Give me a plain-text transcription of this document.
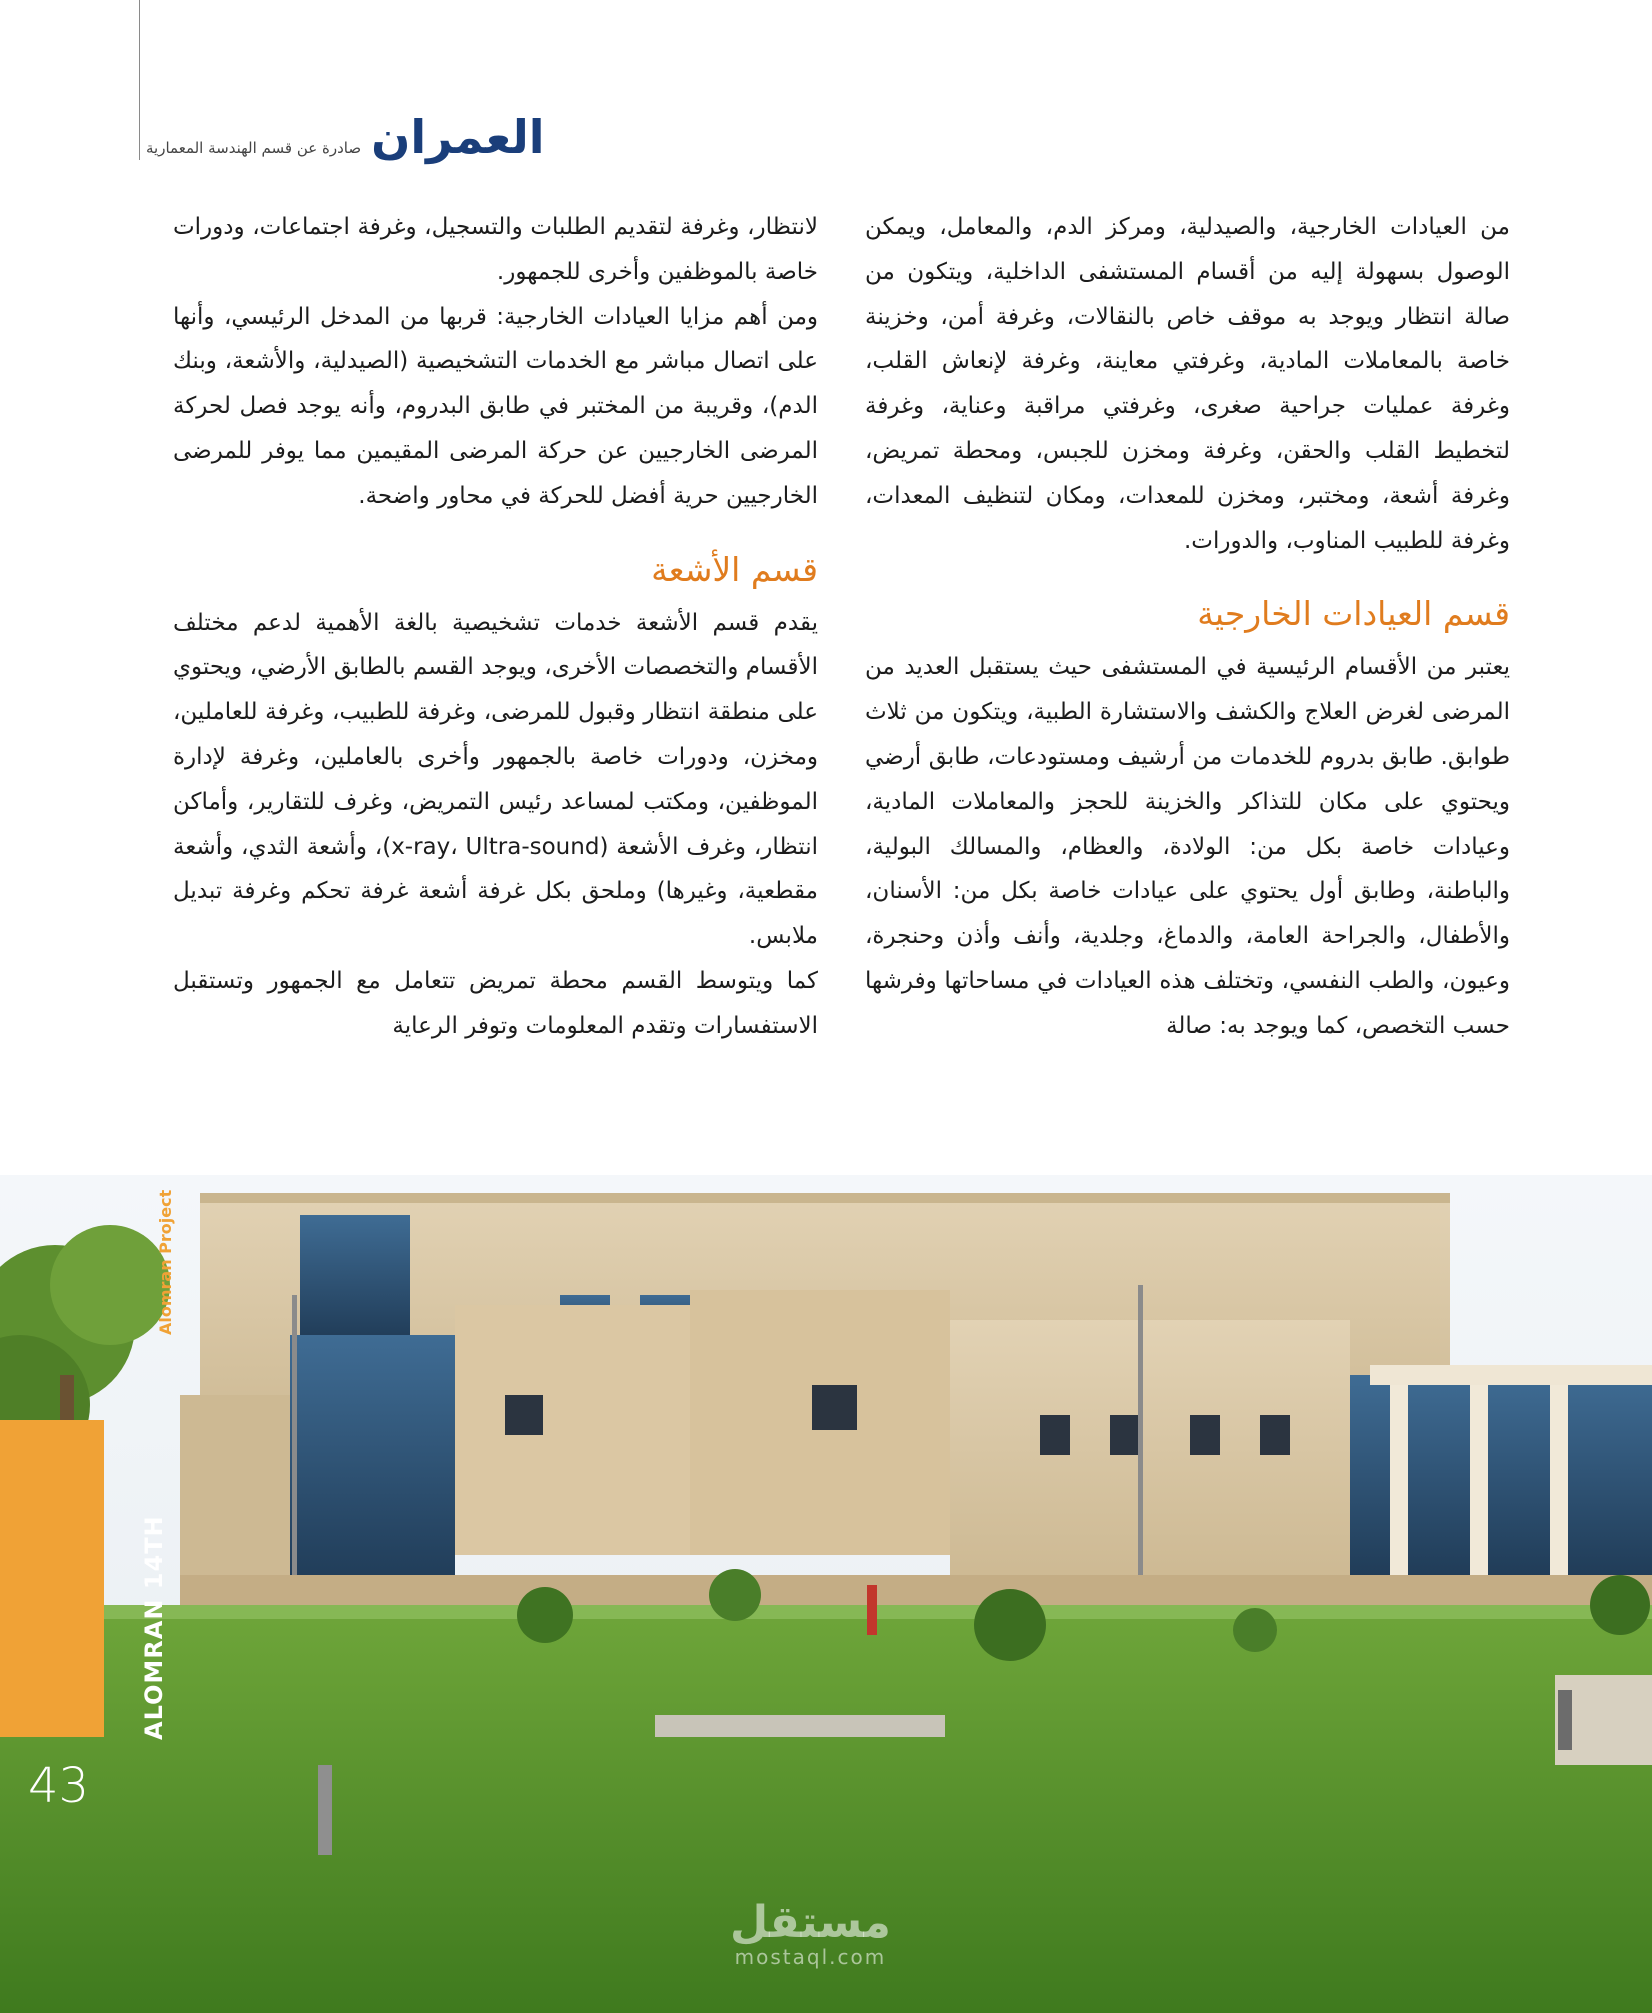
العمران
صادرة عن قسم الهندسة المعمارية

من العيادات الخارجية، والصيدلية، ومركز الدم، والمعامل، ويمكن الوصول بسهولة إليه من أقسام المستشفى الداخلية، ويتكون من صالة انتظار ويوجد به موقف خاص بالنقالات، وغرفة أمن، وخزينة خاصة بالمعاملات المادية، وغرفتي معاينة، وغرفة لإنعاش القلب، وغرفة عمليات جراحية صغرى، وغرفتي مراقبة وعناية، وغرفة لتخطيط القلب والحقن، وغرفة ومخزن للجبس، ومحطة تمريض، وغرفة أشعة، ومختبر، ومخزن للمعدات، ومكان لتنظيف المعدات، وغرفة للطبيب المناوب، والدورات.

قسم العيادات الخارجية

يعتبر من الأقسام الرئيسية في المستشفى حيث يستقبل العديد من المرضى لغرض العلاج والكشف والاستشارة الطبية، ويتكون من ثلاث طوابق. طابق بدروم للخدمات من أرشيف ومستودعات، طابق أرضي ويحتوي على مكان للتذاكر والخزينة للحجز والمعاملات المادية، وعيادات خاصة بكل من: الولادة، والعظام، والمسالك البولية، والباطنة، وطابق أول يحتوي على عيادات خاصة بكل من: الأسنان، والأطفال، والجراحة العامة، والدماغ، وجلدية، وأنف وأذن وحنجرة، وعيون، والطب النفسي، وتختلف هذه العيادات في مساحاتها وفرشها حسب التخصص، كما ويوجد به: صالة

لانتظار، وغرفة لتقديم الطلبات والتسجيل، وغرفة اجتماعات، ودورات خاصة بالموظفين وأخرى للجمهور.

ومن أهم مزايا العيادات الخارجية: قربها من المدخل الرئيسي، وأنها على اتصال مباشر مع الخدمات التشخيصية (الصيدلية، والأشعة، وبنك الدم)، وقريبة من المختبر في طابق البدروم، وأنه يوجد فصل لحركة المرضى الخارجيين عن حركة المرضى المقيمين مما يوفر للمرضى الخارجيين حرية أفضل للحركة في محاور واضحة.

قسم الأشعة

يقدم قسم الأشعة خدمات تشخيصية بالغة الأهمية لدعم مختلف الأقسام والتخصصات الأخرى، ويوجد القسم بالطابق الأرضي، ويحتوي على منطقة انتظار وقبول للمرضى، وغرفة للطبيب، وغرفة للعاملين، ومخزن، ودورات خاصة بالجمهور وأخرى بالعاملين، وغرفة لإدارة الموظفين، ومكتب لمساعد رئيس التمريض، وغرف للتقارير، وأماكن انتظار، وغرف الأشعة (x-ray، Ultra-sound)، وأشعة الثدي، وأشعة مقطعية، وغيرها) وملحق بكل غرفة أشعة غرفة تحكم وغرفة تبديل ملابس.

كما ويتوسط القسم محطة تمريض تتعامل مع الجمهور وتستقبل الاستفسارات وتقدم المعلومات وتوفر الرعاية

ALOMRAN 14TH
Alomran Project
43
مستقل
mostaql.com
